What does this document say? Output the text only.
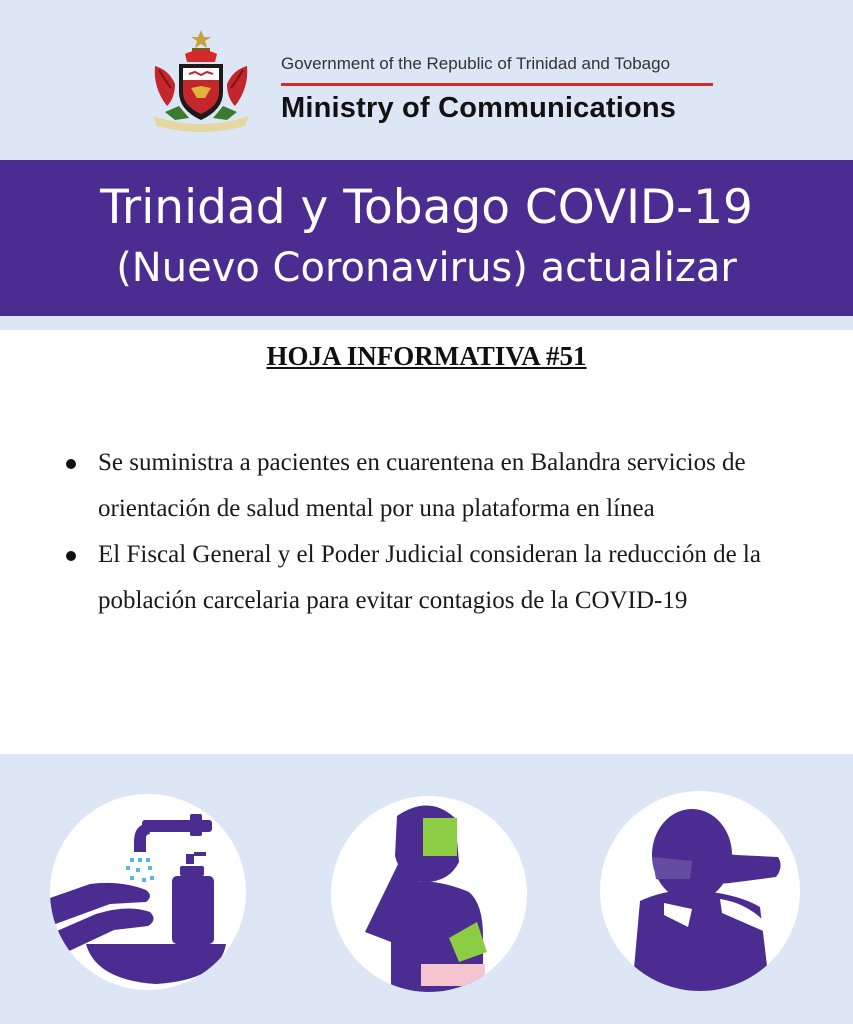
Government of the Republic of Trinidad and Tobago
Ministry of Communications
Trinidad y Tobago COVID-19
(Nuevo Coronavirus) actualizar
HOJA INFORMATIVA #51
Se suministra a pacientes en cuarentena en Balandra servicios de orientación de salud mental por una plataforma en línea
El Fiscal General y el Poder Judicial consideran la reducción de la población carcelaria para evitar contagios de la COVID-19
